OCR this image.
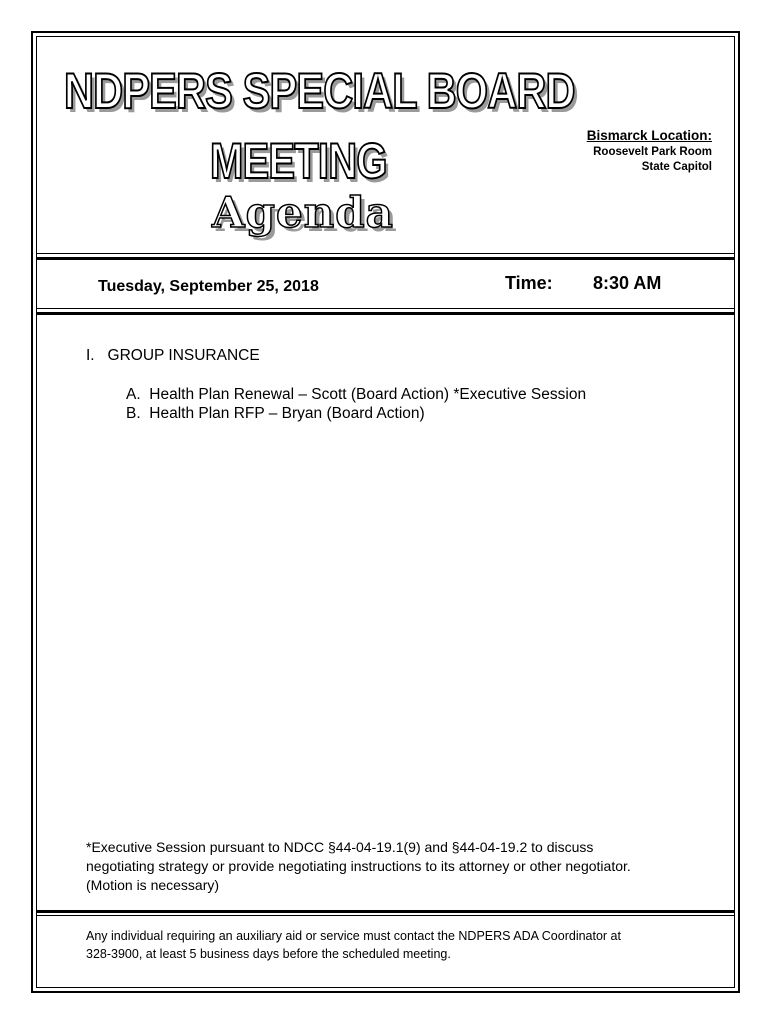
NDPERS SPECIAL BOARD
MEETING
Agenda
Bismarck Location:
Roosevelt Park Room
State Capitol
Tuesday, September 25, 2018	Time: 8:30 AM
I.   GROUP INSURANCE
A.  Health Plan Renewal – Scott (Board Action) *Executive Session
B.  Health Plan RFP – Bryan (Board Action)
*Executive Session pursuant to NDCC §44-04-19.1(9) and §44-04-19.2 to discuss
negotiating strategy or provide negotiating instructions to its attorney or other negotiator.
(Motion is necessary)
Any individual requiring an auxiliary aid or service must contact the NDPERS ADA Coordinator at
328-3900, at least 5 business days before the scheduled meeting.
